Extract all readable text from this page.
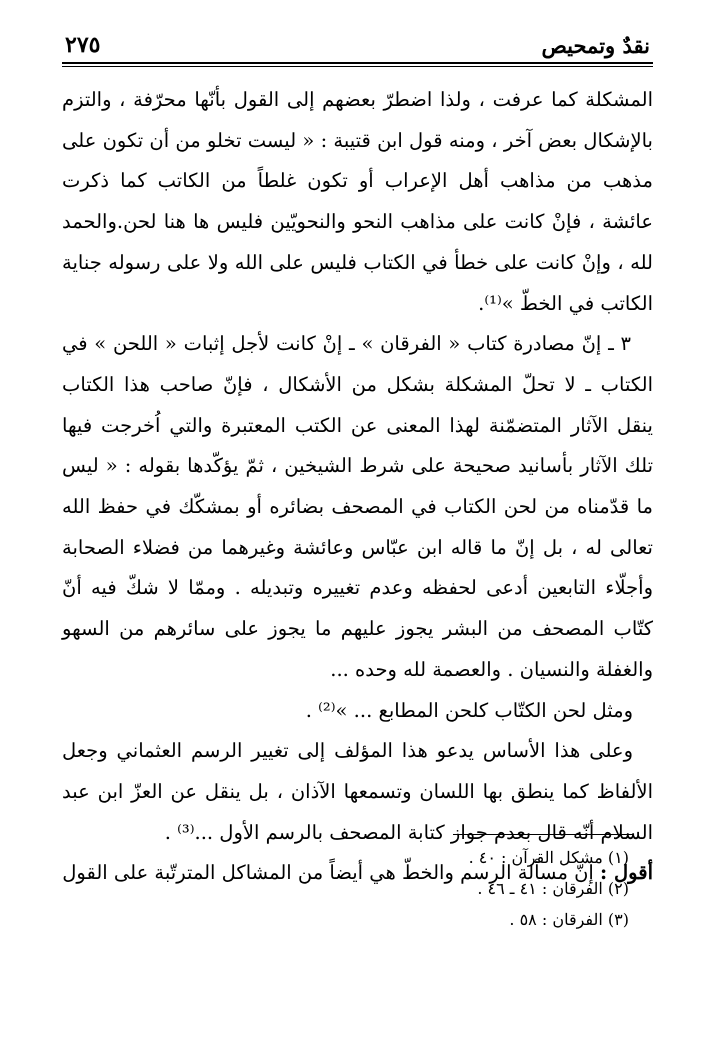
نقدٌ وتمحيص
٢٧٥

المشكلة كما عرفت ، ولذا اضطرّ بعضهم إلى القول بأنّها محرّفة ، والتزم بالإشكال بعض آخر ، ومنه قول ابن قتيبة : « ليست تخلو من أن تكون على مذهب من مذاهب أهل الإعراب أو تكون غلطاً من الكاتب كما ذكرت عائشة ، فإنْ كانت على مذاهب النحو والنحويّين فليس ها هنا لحن.والحمد لله ، وإنْ كانت على خطأ في الكتاب فليس على الله ولا على رسوله جناية الكاتب في الخطّ »⁽¹⁾.

٣ ـ إنّ مصادرة كتاب « الفرقان » ـ إنْ كانت لأجل إثبات « اللحن » في الكتاب ـ لا تحلّ المشكلة بشكل من الأشكال ، فإنّ صاحب هذا الكتاب ينقل الآثار المتضمّنة لهذا المعنى عن الكتب المعتبرة والتي اُخرجت فيها تلك الآثار بأسانيد صحيحة على شرط الشيخين ، ثمّ يؤكّدها بقوله : « ليس ما قدّمناه من لحن الكتاب في المصحف بضائره أو بمشكّك في حفظ الله تعالى له ، بل إنّ ما قاله ابن عبّاس وعائشة وغيرهما من فضلاء الصحابة وأجلّاء التابعين أدعى لحفظه وعدم تغييره وتبديله . وممّا لا شكّ فيه أنّ كتّاب المصحف من البشر يجوز عليهم ما يجوز على سائرهم من السهو والغفلة والنسيان . والعصمة لله وحده ...

ومثل لحن الكتّاب كلحن المطابع ... »⁽²⁾ .

وعلى هذا الأساس يدعو هذا المؤلف إلى تغيير الرسم العثماني وجعل الألفاظ كما ينطق بها اللسان وتسمعها الآذان ، بل ينقل عن العزّ ابن عبد السلام أنّه قال بعدم جواز كتابة المصحف بالرسم الأول ...⁽³⁾ .

أقول : إنّ مسألة الرسم والخطّ هي أيضاً من المشاكل المترتّبة على القول

(١) مشكل القرآن : ٤٠ .
(٢) الفرقان : ٤١ ـ ٤٦ .
(٣) الفرقان : ٥٨ .
